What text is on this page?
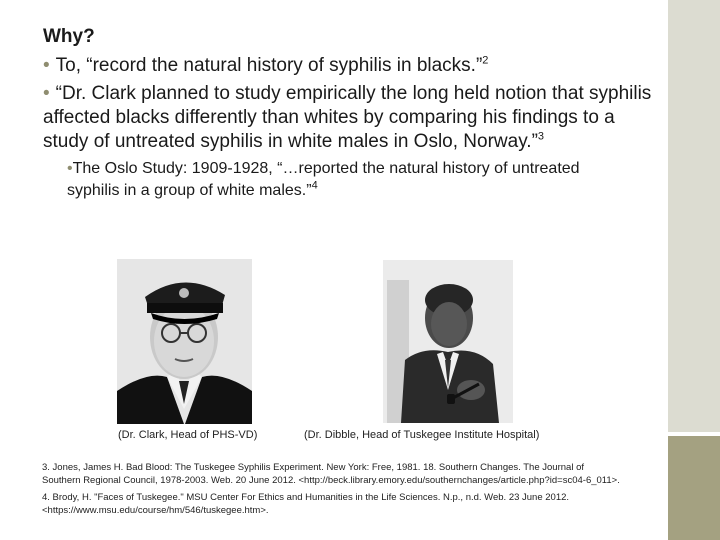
Why?
• To, “record the natural history of syphilis in blacks.”$^2$
• “Dr. Clark planned to study empirically the long held notion that syphilis affected blacks differently than whites by comparing his findings to a study of untreated syphilis in white males in Oslo, Norway.”$^3$
•The Oslo Study: 1909-1928, “…reported the natural history of untreated syphilis in a group of white males.”$^4$
(Dr. Clark, Head of PHS-VD)	(Dr. Dibble, Head of Tuskegee Institute Hospital)

3. Jones, James H. Bad Blood: The Tuskegee Syphilis Experiment. New York: Free, 1981. 18. Southern Changes. The Journal of Southern Regional Council, 1978-2003. Web. 20 June 2012. <http://beck.library.emory.edu/southernchanges/article.php?id=sc04-6_011>.

4. Brody, H. "Faces of Tuskegee." MSU Center For Ethics and Humanities in the Life Sciences. N.p., n.d. Web. 23 June 2012. <https://www.msu.edu/course/hm/546/tuskegee.htm>.
